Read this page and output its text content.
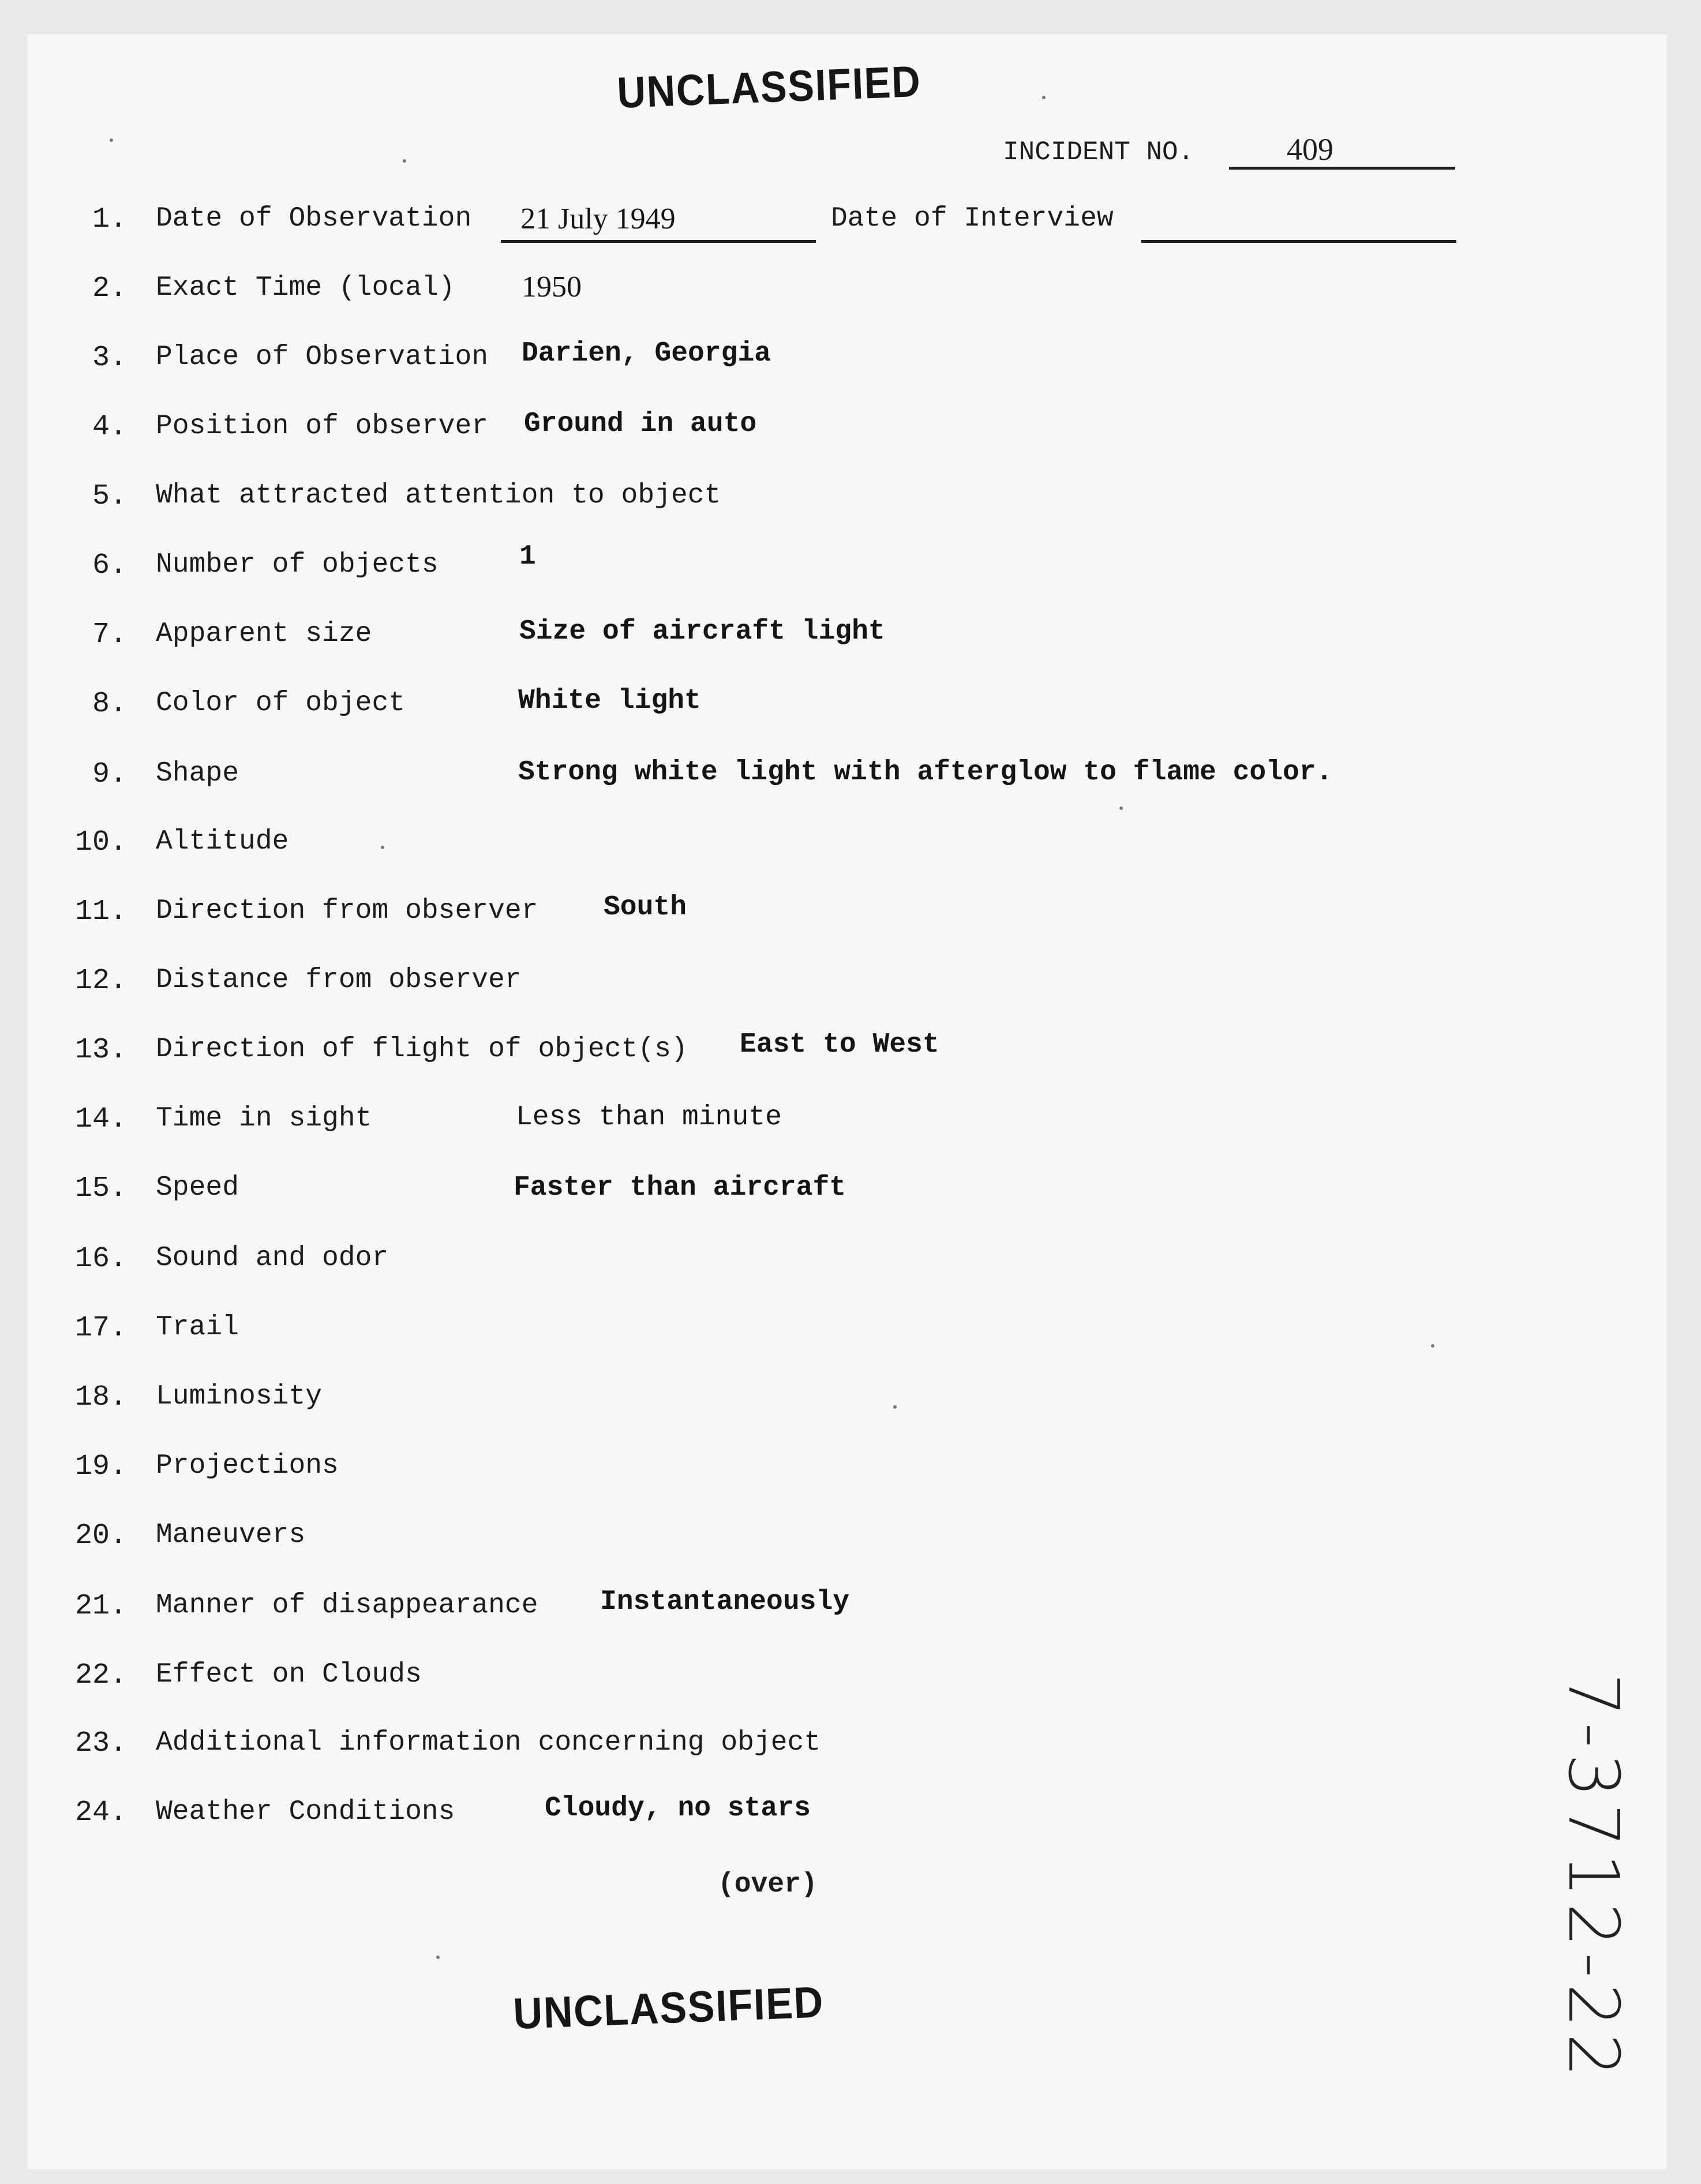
UNCLASSIFIED
INCIDENT NO.	409
1. Date of Observation 21 July 1949	Date of Interview
2. Exact Time (local) 1950
3. Place of Observation Darien, Georgia
4. Position of observer Ground in auto
5. What attracted attention to object
6. Number of objects	1
7. Apparent size	Size of aircraft light
8. Color of object	White light
9. Shape	Strong white light with afterglow to flame color.
10. Altitude
11. Direction from observer South
12. Distance from observer
13. Direction of flight of object(s) East to West
14. Time in sight	Less than minute
15. Speed	Faster than aircraft
16. Sound and odor
17. Trail
18. Luminosity
19. Projections
20. Maneuvers
21. Manner of disappearance Instantaneously
22. Effect on Clouds
23. Additional information concerning object
24. Weather Conditions	Cloudy, no stars
(over)
UNCLASSIFIED	7-3712-22
